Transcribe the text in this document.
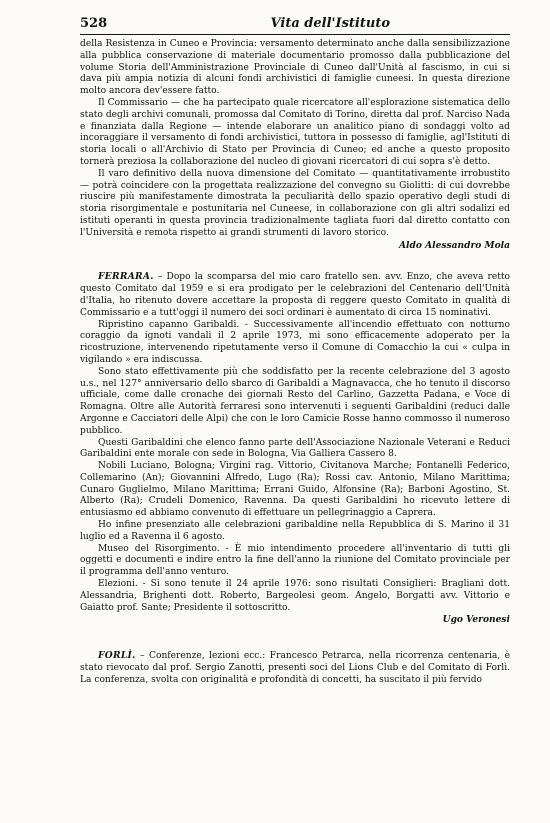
528	Vita dell'Istituto

della Resistenza in Cuneo e Provincia: versamento determinato anche dalla sensibilizzazione alla pubblica conservazione di materiale documentario promosso dalla pubblicazione del volume Storia dell'Amministrazione Provinciale di Cuneo dall'Unità al fascismo, in cui si dava più ampia notizia di alcuni fondi archivistici di famiglie cuneesi. In questa direzione molto ancora dev'essere fatto.

Il Commissario — che ha partecipato quale ricercatore all'esplorazione sistematica dello stato degli archivi comunali, promossa dal Comitato di Torino, diretta dal prof. Narciso Nada e finanziata dalla Regione — intende elaborare un analitico piano di sondaggi volto ad incoraggiare il versamento di fondi archivistici, tuttora in possesso di famiglie, agl'Istituti di storia locali o all'Archivio di Stato per Provincia di Cuneo; ed anche a questo proposito tornerà preziosa la collaborazione del nucleo di giovani ricercatori di cui sopra s'è detto.

Il varo definitivo della nuova dimensione del Comitato — quantitativamente irrobustito — potrà coincidere con la progettata realizzazione del convegno su Giolitti: di cui dovrebbe riuscire più manifestamente dimostrata la peculiarità dello spazio operativo degli studi di storia risorgimentale e postunitaria nel Cuneese, in collaborazione con gli altri sodalizi ed istituti operanti in questa provincia tradizionalmente tagliata fuori dal diretto contatto con l'Università e remota rispetto ai grandi strumenti di lavoro storico.

Aldo Alessandro Mola

FERRARA. – Dopo la scomparsa del mio caro fratello sen. avv. Enzo, che aveva retto questo Comitato dal 1959 e si era prodigato per le celebrazioni del Centenario dell'Unità d'Italia, ho ritenuto dovere accettare la proposta di reggere questo Comitato in qualità di Commissario e a tutt'oggi il numero dei soci ordinari è aumentato di circa 15 nominativi.

Ripristino capanno Garibaldi. - Successivamente all'incendio effettuato con notturno coraggio da ignoti vandali il 2 aprile 1973, mi sono efficacemente adoperato per la ricostruzione, intervenendo ripetutamente verso il Comune di Comacchio la cui « culpa in vigilando » era indiscussa.

Sono stato effettivamente più che soddisfatto per la recente celebrazione del 3 agosto u.s., nel 127° anniversario dello sbarco di Garibaldi a Magnavacca, che ho tenuto il discorso ufficiale, come dalle cronache dei giornali Resto del Carlino, Gazzetta Padana, e Voce di Romagna. Oltre alle Autorità ferraresi sono intervenuti i seguenti Garibaldini (reduci dalle Argonne e Cacciatori delle Alpi) che con le loro Camicie Rosse hanno commosso il numeroso pubblico.

Questi Garibaldini che elenco fanno parte dell'Associazione Nazionale Veterani e Reduci Garibaldini ente morale con sede in Bologna, Via Galliera Cassero 8.

Nobili Luciano, Bologna; Virgini rag. Vittorio, Civitanova Marche; Fontanelli Federico, Collemarino (An); Giovannini Alfredo, Lugo (Ra); Rossi cav. Antonio, Milano Marittima; Cunaro Guglielmo, Milano Marittima; Errani Guido, Alfonsine (Ra); Barboni Agostino, St. Alberto (Ra); Crudeli Domenico, Ravenna. Da questi Garibaldini ho ricevuto lettere di entusiasmo ed abbiamo convenuto di effettuare un pellegrinaggio a Caprera.

Ho infine presenziato alle celebrazioni garibaldine nella Repubblica di S. Marino il 31 luglio ed a Ravenna il 6 agosto.

Museo del Risorgimento. - È mio intendimento procedere all'inventario di tutti gli oggetti e documenti e indire entro la fine dell'anno la riunione del Comitato provinciale per il programma dell'anno venturo.

Elezioni. - Si sono tenute il 24 aprile 1976: sono risultati Consiglieri: Bragliani dott. Alessandria, Brighenti dott. Roberto, Bargeolesi geom. Angelo, Borgatti avv. Vittorio e Gaiatto prof. Sante; Presidente il sottoscritto.

Ugo Veronesi

FORLÌ. – Conferenze, lezioni ecc.: Francesco Petrarca, nella ricorrenza centenaria, è stato rievocato dal prof. Sergio Zanotti, presenti soci del Lions Club e del Comitato di Forlì. La conferenza, svolta con originalità e profondità di concetti, ha suscitato il più fervido
